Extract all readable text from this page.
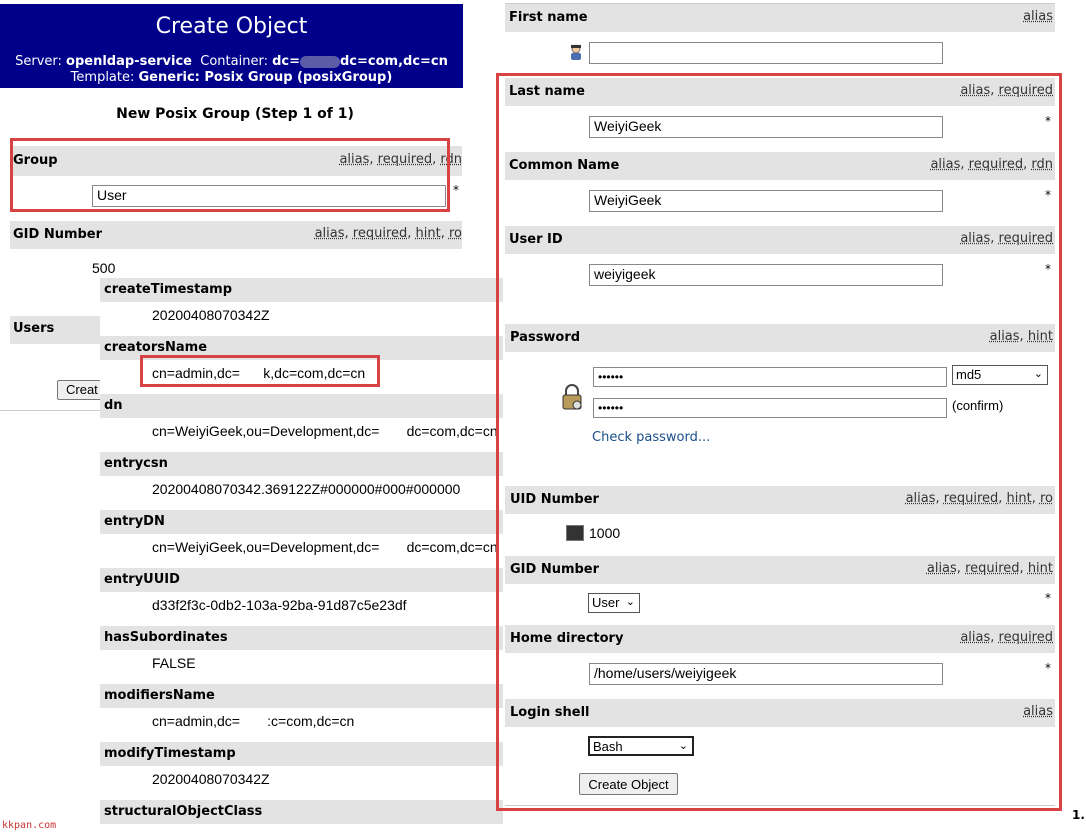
Create Object
Server: openldap-service Container: dc=	dc=com,dc=cn
Template: Generic: Posix Group (posixGroup)
New Posix Group (Step 1 of 1)
Group	alias, required, rdn
User	*
GID Number	alias, required, hint, ro
500
Users
Creat
createTimestamp
20200408070342Z
creatorsName
cn=admin,dc=      k,dc=com,dc=cn
dn
cn=WeiyiGeek,ou=Development,dc=       dc=com,dc=cn
entrycsn
20200408070342.369122Z#000000#000#000000
entryDN
cn=WeiyiGeek,ou=Development,dc=       dc=com,dc=cn
entryUUID
d33f2f3c-0db2-103a-92ba-91d87c5e23df
hasSubordinates
FALSE
modifiersName
cn=admin,dc=       :c=com,dc=cn
modifyTimestamp
20200408070342Z
structuralObjectClass
First name	alias
Last name	alias, required
WeiyiGeek	*
Common Name	alias, required, rdn
WeiyiGeek	*
User ID	alias, required
weiyigeek	*
Password	alias, hint
••••••	md5	⌄
••••••	(confirm)
Check password...
UID Number	alias, required, hint, ro
1000
GID Number	alias, required, hint
User ⌄	*
Home directory	alias, required
/home/users/weiyigeek	*
Login shell	alias
Bash	⌄
Create Object
kkpan.com
1.
